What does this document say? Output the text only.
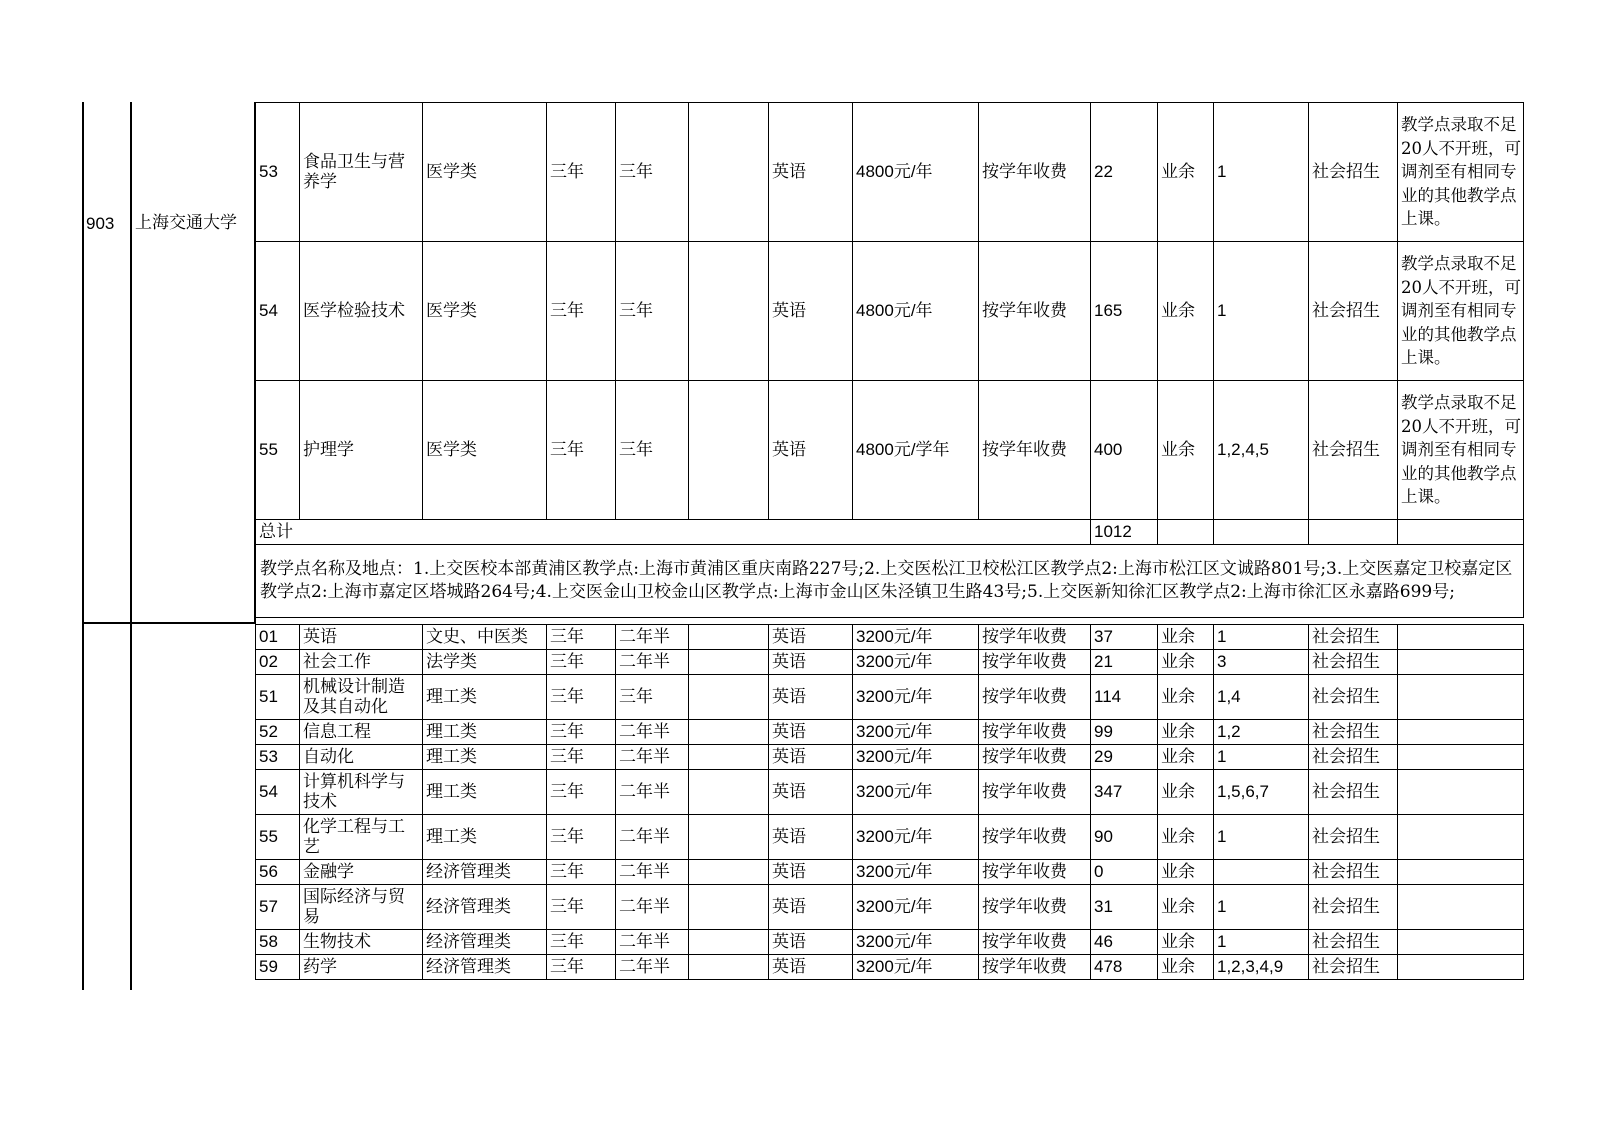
903	上海交通大学
53	食品卫生与营养学	医学类	三年	三年		英语	4800元/年	按学年收费	22	业余	1	社会招生	教学点录取不足20人不开班，可调剂至有相同专业的其他教学点上课。
54	医学检验技术	医学类	三年	三年		英语	4800元/年	按学年收费	165	业余	1	社会招生	教学点录取不足20人不开班，可调剂至有相同专业的其他教学点上课。
55	护理学	医学类	三年	三年		英语	4800元/学年	按学年收费	400	业余	1,2,4,5	社会招生	教学点录取不足20人不开班，可调剂至有相同专业的其他教学点上课。
总计									1012				
教学点名称及地点：1.上交医校本部黄浦区教学点:上海市黄浦区重庆南路227号;2.上交医松江卫校松江区教学点2:上海市松江区文诚路801号;3.上交医嘉定卫校嘉定区教学点2:上海市嘉定区塔城路264号;4.上交医金山卫校金山区教学点:上海市金山区朱泾镇卫生路43号;5.上交医新知徐汇区教学点2:上海市徐汇区永嘉路699号;													
01	英语	文史、中医类	三年	二年半		英语	3200元/年	按学年收费	37	业余	1	社会招生	
02	社会工作	法学类	三年	二年半		英语	3200元/年	按学年收费	21	业余	3	社会招生	
51	机械设计制造及其自动化	理工类	三年	三年		英语	3200元/年	按学年收费	114	业余	1,4	社会招生	
52	信息工程	理工类	三年	二年半		英语	3200元/年	按学年收费	99	业余	1,2	社会招生	
53	自动化	理工类	三年	二年半		英语	3200元/年	按学年收费	29	业余	1	社会招生	
54	计算机科学与技术	理工类	三年	二年半		英语	3200元/年	按学年收费	347	业余	1,5,6,7	社会招生	
55	化学工程与工艺	理工类	三年	二年半		英语	3200元/年	按学年收费	90	业余	1	社会招生	
56	金融学	经济管理类	三年	二年半		英语	3200元/年	按学年收费	0	业余		社会招生	
57	国际经济与贸易	经济管理类	三年	二年半		英语	3200元/年	按学年收费	31	业余	1	社会招生	
58	生物技术	经济管理类	三年	二年半		英语	3200元/年	按学年收费	46	业余	1	社会招生	
59	药学	经济管理类	三年	二年半		英语	3200元/年	按学年收费	478	业余	1,2,3,4,9	社会招生	
